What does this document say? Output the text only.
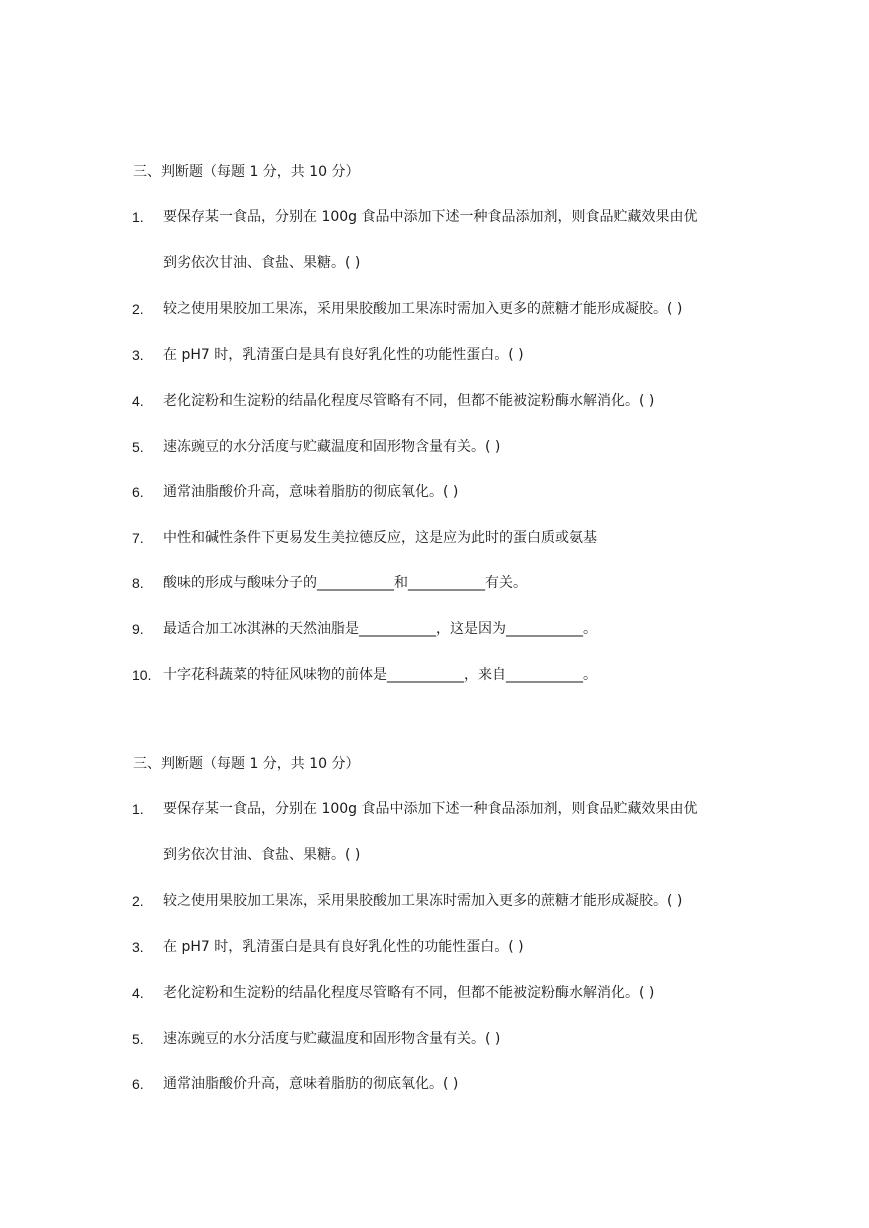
三、判断题（每题 1 分，共 10 分）
1. 要保存某一食品，分别在 100g 食品中添加下述一种食品添加剂，则食品贮藏效果由优
到劣依次甘油、食盐、果糖。( )
2. 较之使用果胶加工果冻，采用果胶酸加工果冻时需加入更多的蔗糖才能形成凝胶。( )
3. 在 pH7 时，乳清蛋白是具有良好乳化性的功能性蛋白。( )
4. 老化淀粉和生淀粉的结晶化程度尽管略有不同，但都不能被淀粉酶水解消化。( )
5. 速冻豌豆的水分活度与贮藏温度和固形物含量有关。( )
6. 通常油脂酸价升高，意味着脂肪的彻底氧化。( )
7. 中性和碱性条件下更易发生美拉德反应，这是应为此时的蛋白质或氨基
8. 酸味的形成与酸味分子的___________和___________有关。
9. 最适合加工冰淇淋的天然油脂是___________，这是因为___________。
10. 十字花科蔬菜的特征风味物的前体是___________，来自___________。
三、判断题（每题 1 分，共 10 分）
1. 要保存某一食品，分别在 100g 食品中添加下述一种食品添加剂，则食品贮藏效果由优
到劣依次甘油、食盐、果糖。( )
2. 较之使用果胶加工果冻，采用果胶酸加工果冻时需加入更多的蔗糖才能形成凝胶。( )
3. 在 pH7 时，乳清蛋白是具有良好乳化性的功能性蛋白。( )
4. 老化淀粉和生淀粉的结晶化程度尽管略有不同，但都不能被淀粉酶水解消化。( )
5. 速冻豌豆的水分活度与贮藏温度和固形物含量有关。( )
6. 通常油脂酸价升高，意味着脂肪的彻底氧化。( )
